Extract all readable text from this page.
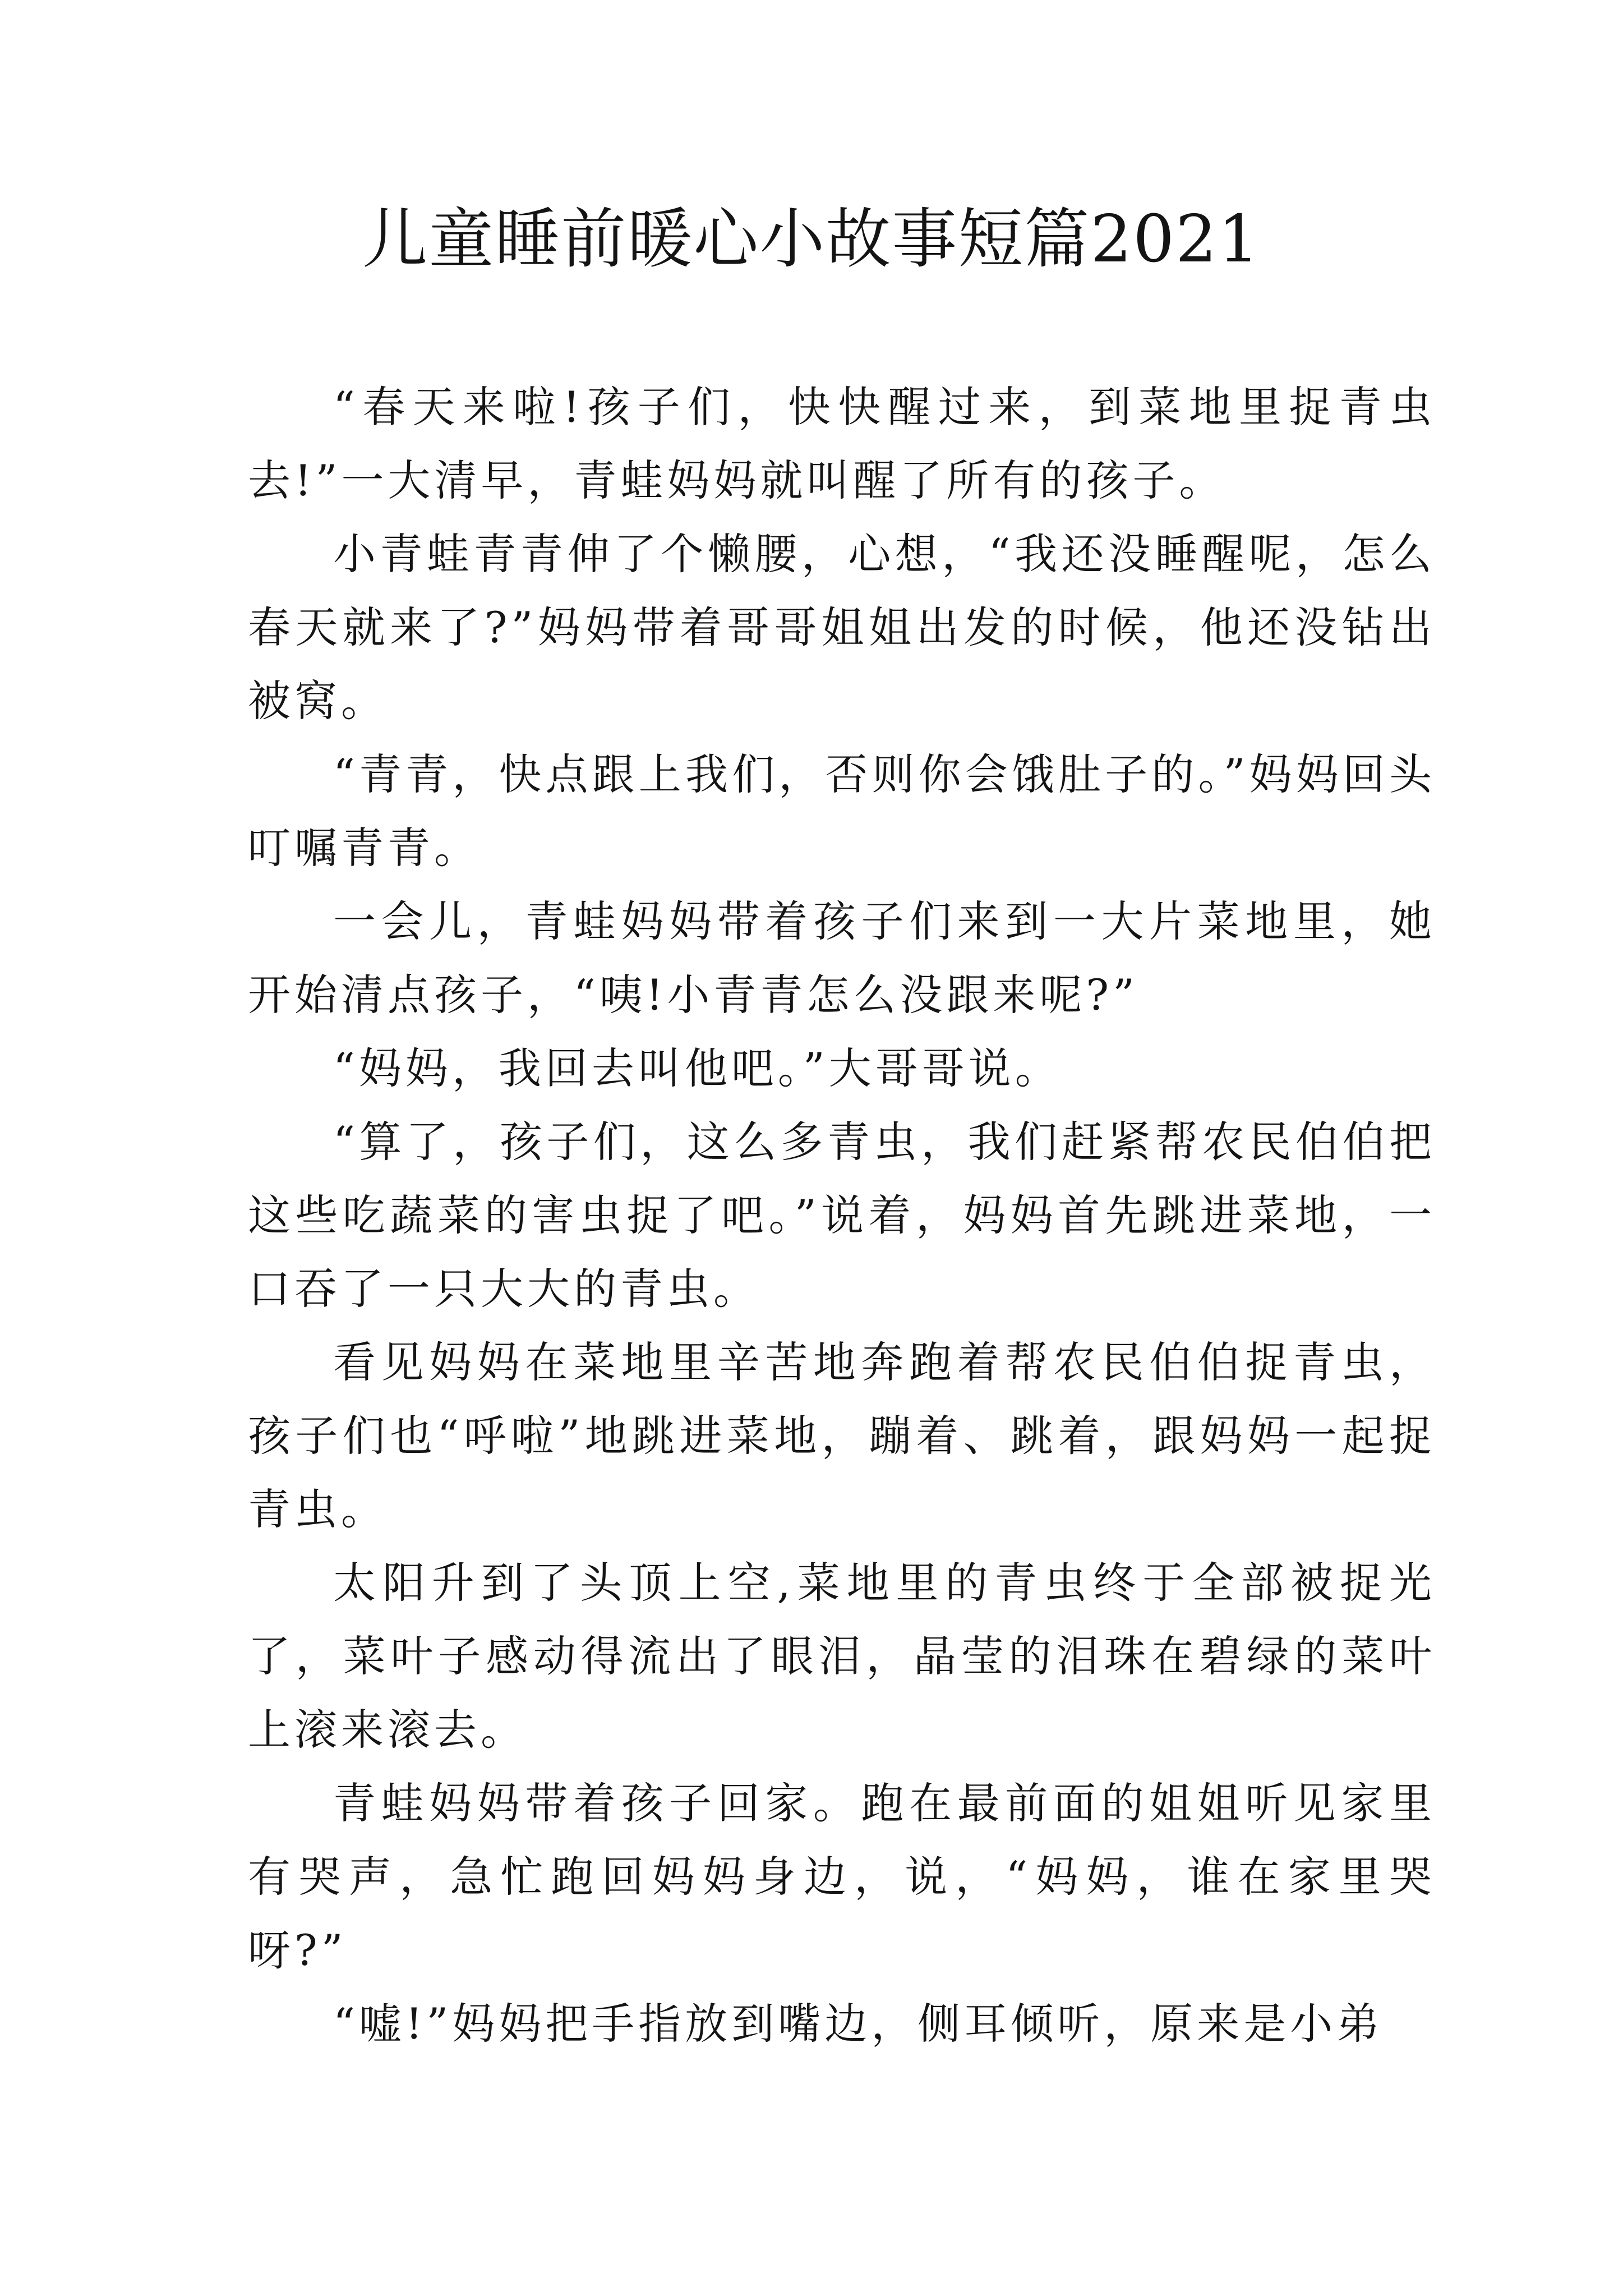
儿童睡前暖心小故事短篇2021

“春天来啦!孩子们，快快醒过来，到菜地里捉青虫去!”一大清早，青蛙妈妈就叫醒了所有的孩子。

小青蛙青青伸了个懒腰，心想，“我还没睡醒呢，怎么春天就来了?”妈妈带着哥哥姐姐出发的时候，他还没钻出被窝。

“青青，快点跟上我们，否则你会饿肚子的。”妈妈回头叮嘱青青。

一会儿，青蛙妈妈带着孩子们来到一大片菜地里，她开始清点孩子，“咦!小青青怎么没跟来呢?”

“妈妈，我回去叫他吧。”大哥哥说。

“算了，孩子们，这么多青虫，我们赶紧帮农民伯伯把这些吃蔬菜的害虫捉了吧。”说着，妈妈首先跳进菜地，一口吞了一只大大的青虫。

看见妈妈在菜地里辛苦地奔跑着帮农民伯伯捉青虫，孩子们也“呼啦”地跳进菜地，蹦着、跳着，跟妈妈一起捉青虫。

太阳升到了头顶上空,菜地里的青虫终于全部被捉光了，菜叶子感动得流出了眼泪，晶莹的泪珠在碧绿的菜叶上滚来滚去。

青蛙妈妈带着孩子回家。跑在最前面的姐姐听见家里有哭声，急忙跑回妈妈身边，说，“妈妈，谁在家里哭呀?”

“嘘!”妈妈把手指放到嘴边，侧耳倾听，原来是小弟
